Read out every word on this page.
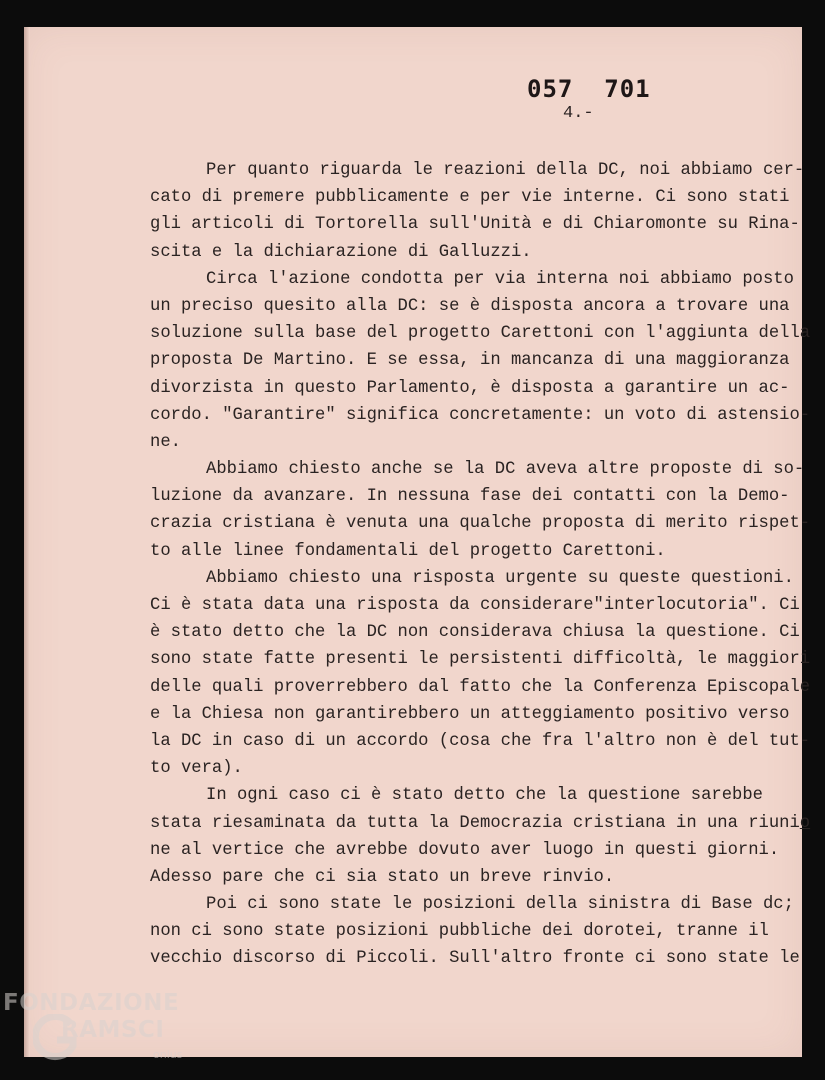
057  701
4.-
Per quanto riguarda le reazioni della DC, noi abbiamo cer-
cato di premere pubblicamente e per vie interne. Ci sono stati
gli articoli di Tortorella sull'Unità e di Chiaromonte su Rina-
scita e la dichiarazione di Galluzzi.
Circa l'azione condotta per via interna noi abbiamo posto
un preciso quesito alla DC: se è disposta ancora a trovare una
soluzione sulla base del progetto Carettoni con l'aggiunta della
proposta De Martino. E se essa, in mancanza di una maggioranza
divorzista in questo Parlamento, è disposta a garantire un ac-
cordo. "Garantire" significa concretamente: un voto di astensio-
ne.
Abbiamo chiesto anche se la DC aveva altre proposte di so-
luzione da avanzare. In nessuna fase dei contatti con la Demo-
crazia cristiana è venuta una qualche proposta di merito rispet-
to alle linee fondamentali del progetto Carettoni.
Abbiamo chiesto una risposta urgente su queste questioni.
Ci è stata data una risposta da considerare"interlocutoria". Ci
è stato detto che la DC non considerava chiusa la questione. Ci
sono state fatte presenti le persistenti difficoltà, le maggiori
delle quali proverrebbero dal fatto che la Conferenza Episcopale
e la Chiesa non garantirebbero un atteggiamento positivo verso
la DC in caso di un accordo (cosa che fra l'altro non è del tut-
to vera).
In ogni caso ci è stato detto che la questione sarebbe
stata riesaminata da tutta la Democrazia cristiana in una riunio
ne al vertice che avrebbe dovuto aver luogo in questi giorni.
Adesso pare che ci sia stato un breve rinvio.
Poi ci sono state le posizioni della sinistra di Base dc;
non ci sono state posizioni pubbliche dei dorotei, tranne il
vecchio discorso di Piccoli. Sull'altro fronte ci sono state le
FONDAZIONE
RAMSCI
onlus
